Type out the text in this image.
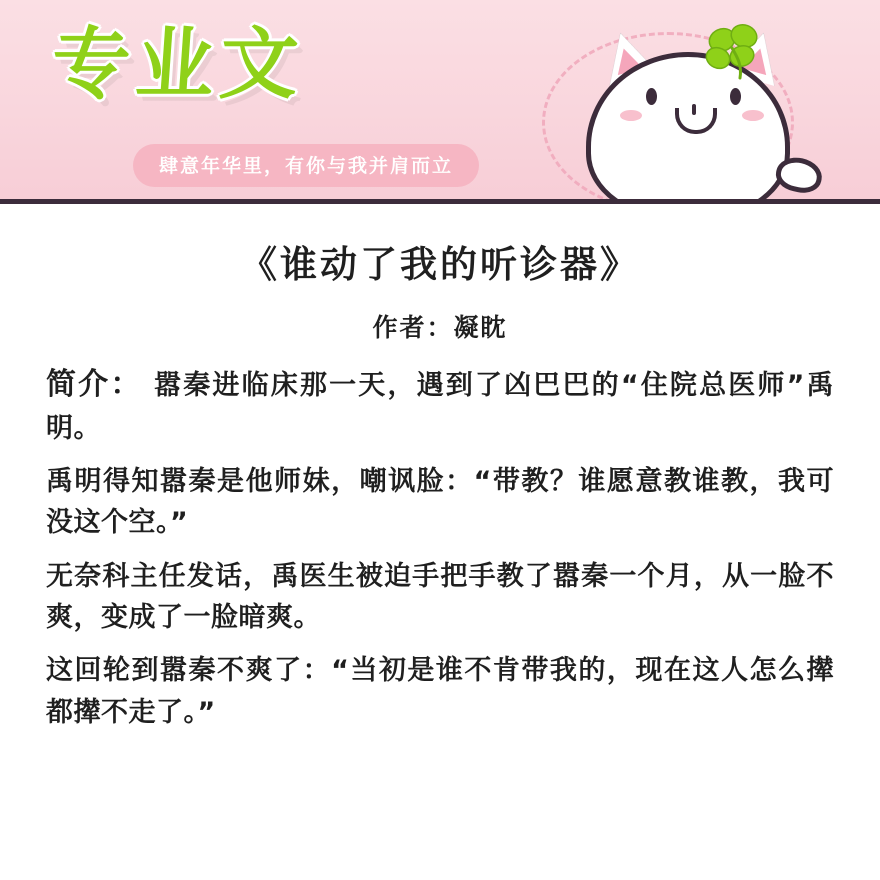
专业文
肆意年华里，有你与我并肩而立
《谁动了我的听诊器》
作者：凝眈

简介： 嚣秦进临床那一天，遇到了凶巴巴的“住院总医师”禹明。

禹明得知嚣秦是他师妹，嘲讽脸：“带教？谁愿意教谁教，我可没这个空。”

无奈科主任发话，禹医生被迫手把手教了嚣秦一个月，从一脸不爽，变成了一脸暗爽。

这回轮到嚣秦不爽了：“当初是谁不肯带我的，现在这人怎么撵都撵不走了。”
